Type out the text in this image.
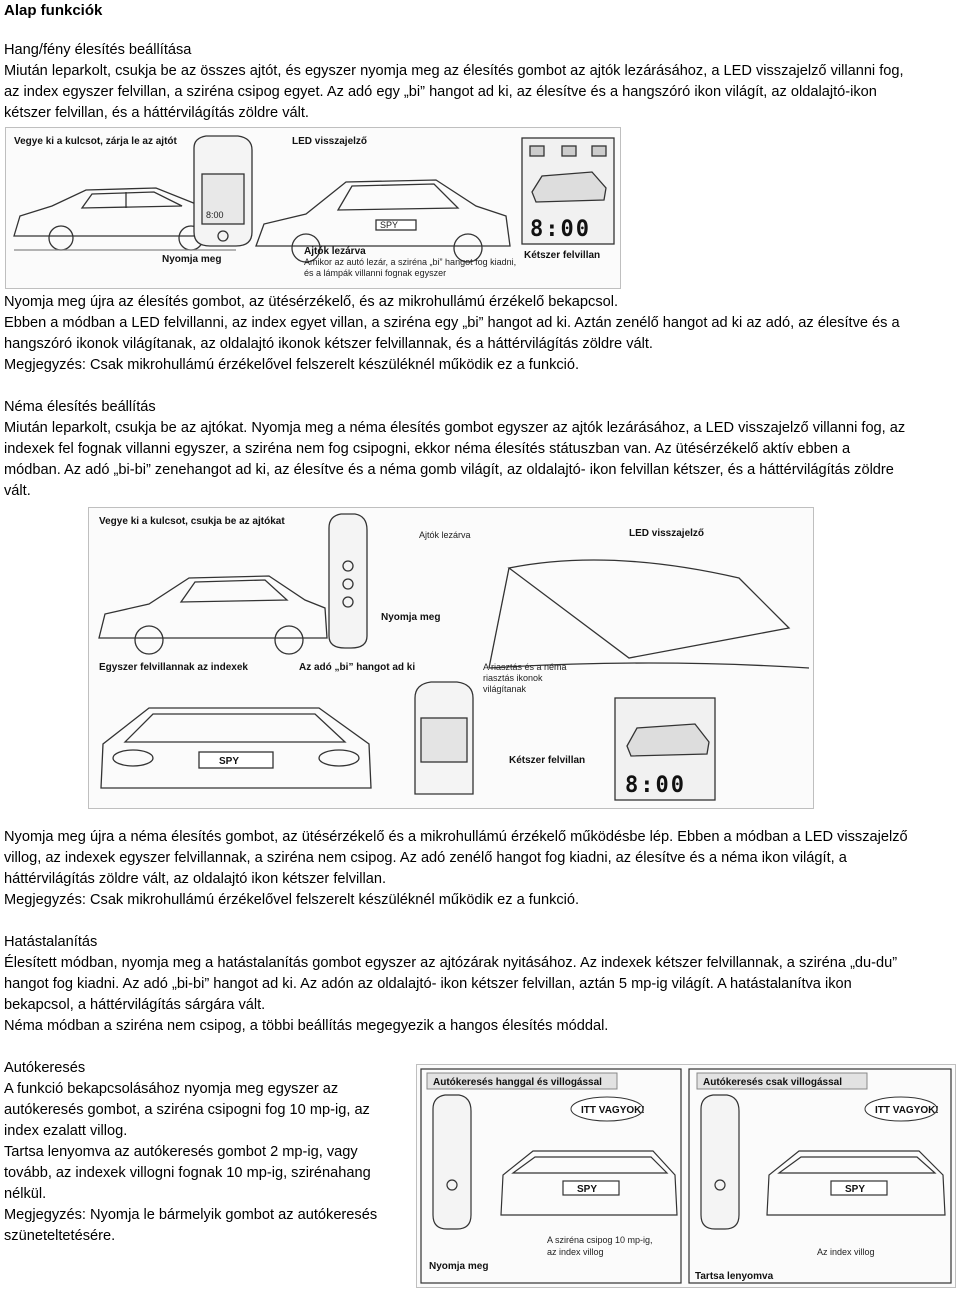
Alap funkciók
Hang/fény élesítés beállítása
Miután leparkolt, csukja be az összes ajtót, és egyszer nyomja meg az élesítés gombot az ajtók lezárásához, a LED visszajelző villanni fog,
az index egyszer felvillan, a sziréna csipog egyet. Az adó egy „bi” hangot ad ki, az élesítve és a hangszóró ikon világít, az oldalajtó-ikon
kétszer felvillan, és a háttérvilágítás zöldre vált.
Vegye ki a kulcsot, zárja le az ajtót
8:00
LED visszajelző
SPY
Ajtók lezárva
Amikor az autó lezár, a sziréna „bi” hangot fog kiadni,
és a lámpák villanni fognak egyszer
Nyomja meg
8:00
Kétszer felvillan
Nyomja meg újra az élesítés gombot, az ütésérzékelő, és az mikrohullámú érzékelő bekapcsol.
Ebben a módban a LED felvillanni, az index egyet villan, a sziréna egy „bi” hangot ad ki. Aztán zenélő hangot ad ki az adó, az élesítve és a
hangszóró ikonok világítanak, az oldalajtó ikonok kétszer felvillannak, és a háttérvilágítás zöldre vált.
Megjegyzés: Csak mikrohullámú érzékelővel felszerelt készüléknél működik ez a funkció.
Néma élesítés beállítás
Miután leparkolt, csukja be az ajtókat. Nyomja meg a néma élesítés gombot egyszer az ajtók lezárásához, a LED visszajelző villanni fog, az
indexek fel fognak villanni egyszer, a sziréna nem fog csipogni, ekkor néma élesítés státuszban van. Az ütésérzékelő aktív ebben a
módban. Az adó „bi-bi” zenehangot ad ki, az élesítve és a néma gomb világít, az oldalajtó- ikon felvillan kétszer, és a háttérvilágítás zöldre
vált.
Vegye ki a kulcsot, csukja be az ajtókat
Nyomja meg
Ajtók lezárva	LED visszajelző
Egyszer felvillannak az indexek	Az adó „bi” hangot ad ki	A riasztás és a néma
riasztás ikonok
világítanak
SPY	Kétszer felvillan
8:00
Nyomja meg újra a néma élesítés gombot, az ütésérzékelő és a mikrohullámú érzékelő működésbe lép. Ebben a módban a LED visszajelző
villog, az indexek egyszer felvillannak, a sziréna nem csipog. Az adó zenélő hangot fog kiadni, az élesítve és a néma ikon világít, a
háttérvilágítás zöldre vált, az oldalajtó ikon kétszer felvillan.
Megjegyzés: Csak mikrohullámú érzékelővel felszerelt készüléknél működik ez a funkció.
Hatástalanítás
Élesített módban, nyomja meg a hatástalanítás gombot egyszer az ajtózárak nyitásához. Az indexek kétszer felvillannak, a sziréna „du-du”
hangot fog kiadni. Az adó „bi-bi” hangot ad ki. Az adón az oldalajtó- ikon kétszer felvillan, aztán 5 mp-ig világít. A hatástalanítva ikon
bekapcsol, a háttérvilágítás sárgára vált.
Néma módban a sziréna nem csipog, a többi beállítás megegyezik a hangos élesítés móddal.
Autókeresés
A funkció bekapcsolásához nyomja meg egyszer az
autókeresés gombot, a sziréna csipogni fog 10 mp-ig, az
index ezalatt villog.
Tartsa lenyomva az autókeresés gombot 2 mp-ig, vagy
tovább, az indexek villogni fognak 10 mp-ig, szirénahang
nélkül.
Megjegyzés: Nyomja le bármelyik gombot az autókeresés
szüneteltetésére.
Autókeresés hanggal és villogással	Autókeresés csak villogással
ITT VAGYOK!	ITT VAGYOK!
SPY	SPY
A sziréna csipog 10 mp-ig,
az index villog	Az index villog
Nyomja meg
Tartsa lenyomva
